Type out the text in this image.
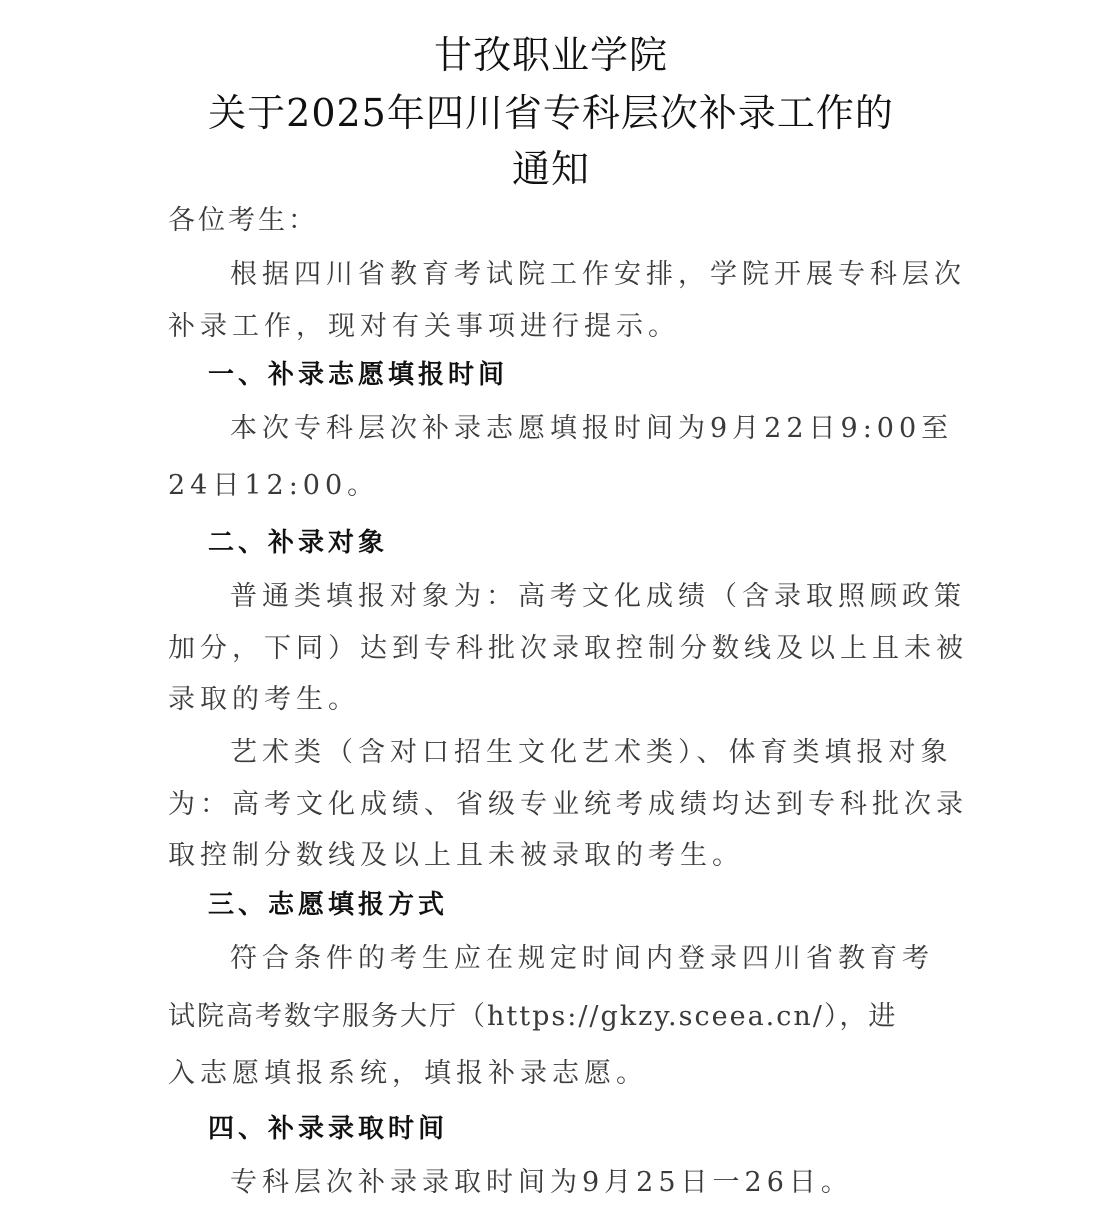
甘孜职业学院
关于2025年四川省专科层次补录工作的
通知

各位考生：

根据四川省教育考试院工作安排，学院开展专科层次

补录工作，现对有关事项进行提示。

一、补录志愿填报时间

本次专科层次补录志愿填报时间为9月22日9:00至

24日12:00。

二、补录对象

普通类填报对象为：高考文化成绩（含录取照顾政策

加分，下同）达到专科批次录取控制分数线及以上且未被

录取的考生。

艺术类（含对口招生文化艺术类）、体育类填报对象

为：高考文化成绩、省级专业统考成绩均达到专科批次录

取控制分数线及以上且未被录取的考生。

三、志愿填报方式

符合条件的考生应在规定时间内登录四川省教育考

试院高考数字服务大厅（https://gkzy.sceea.cn/），进

入志愿填报系统，填报补录志愿。

四、补录录取时间

专科层次补录录取时间为9月25日一26日。
